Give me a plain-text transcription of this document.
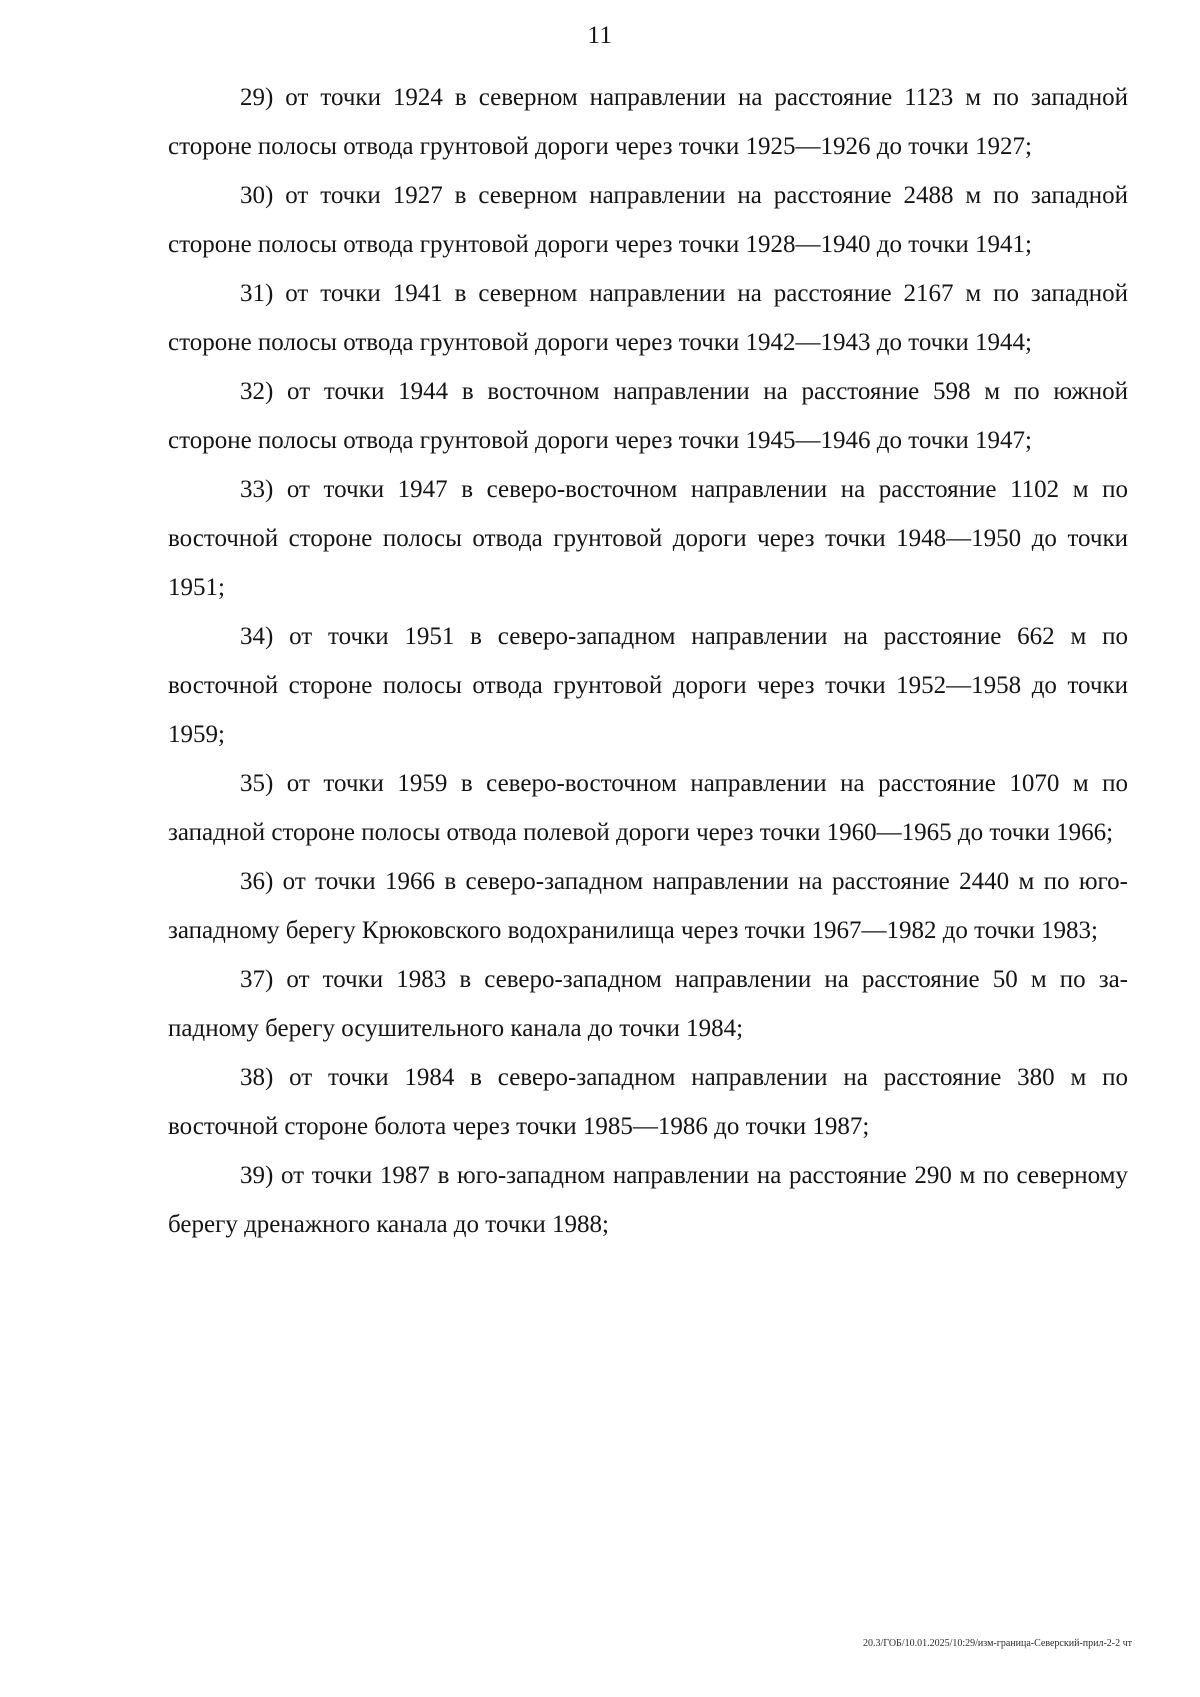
11

29) от точки 1924 в северном направлении на расстояние 1123 м по западной стороне полосы отвода грунтовой дороги через точки 1925—1926 до точки 1927;

30) от точки 1927 в северном направлении на расстояние 2488 м по западной стороне полосы отвода грунтовой дороги через точки 1928—1940 до точки 1941;

31) от точки 1941 в северном направлении на расстояние 2167 м по западной стороне полосы отвода грунтовой дороги через точки 1942—1943 до точки 1944;

32) от точки 1944 в восточном направлении на расстояние 598 м по южной стороне полосы отвода грунтовой дороги через точки 1945—1946 до точки 1947;

33) от точки 1947 в северо-восточном направлении на расстояние 1102 м по восточной стороне полосы отвода грунтовой дороги через точки 1948—1950 до точки 1951;

34) от точки 1951 в северо-западном направлении на расстояние 662 м по восточной стороне полосы отвода грунтовой дороги через точки 1952—1958 до точки 1959;

35) от точки 1959 в северо-восточном направлении на расстояние 1070 м по западной стороне полосы отвода полевой дороги через точки 1960—1965 до точки 1966;

36) от точки 1966 в северо-западном направлении на расстояние 2440 м по юго-западному берегу Крюковского водохранилища через точки 1967—1982 до точки 1983;

37) от точки 1983 в северо-западном направлении на расстояние 50 м по западному берегу осушительного канала до точки 1984;

38) от точки 1984 в северо-западном направлении на расстояние 380 м по восточной стороне болота через точки 1985—1986 до точки 1987;

39) от точки 1987 в юго-западном направлении на расстояние 290 м по северному берегу дренажного канала до точки 1988;

20.3/ГОБ/10.01.2025/10:29/изм-граница-Северский-прил-2-2 чт
